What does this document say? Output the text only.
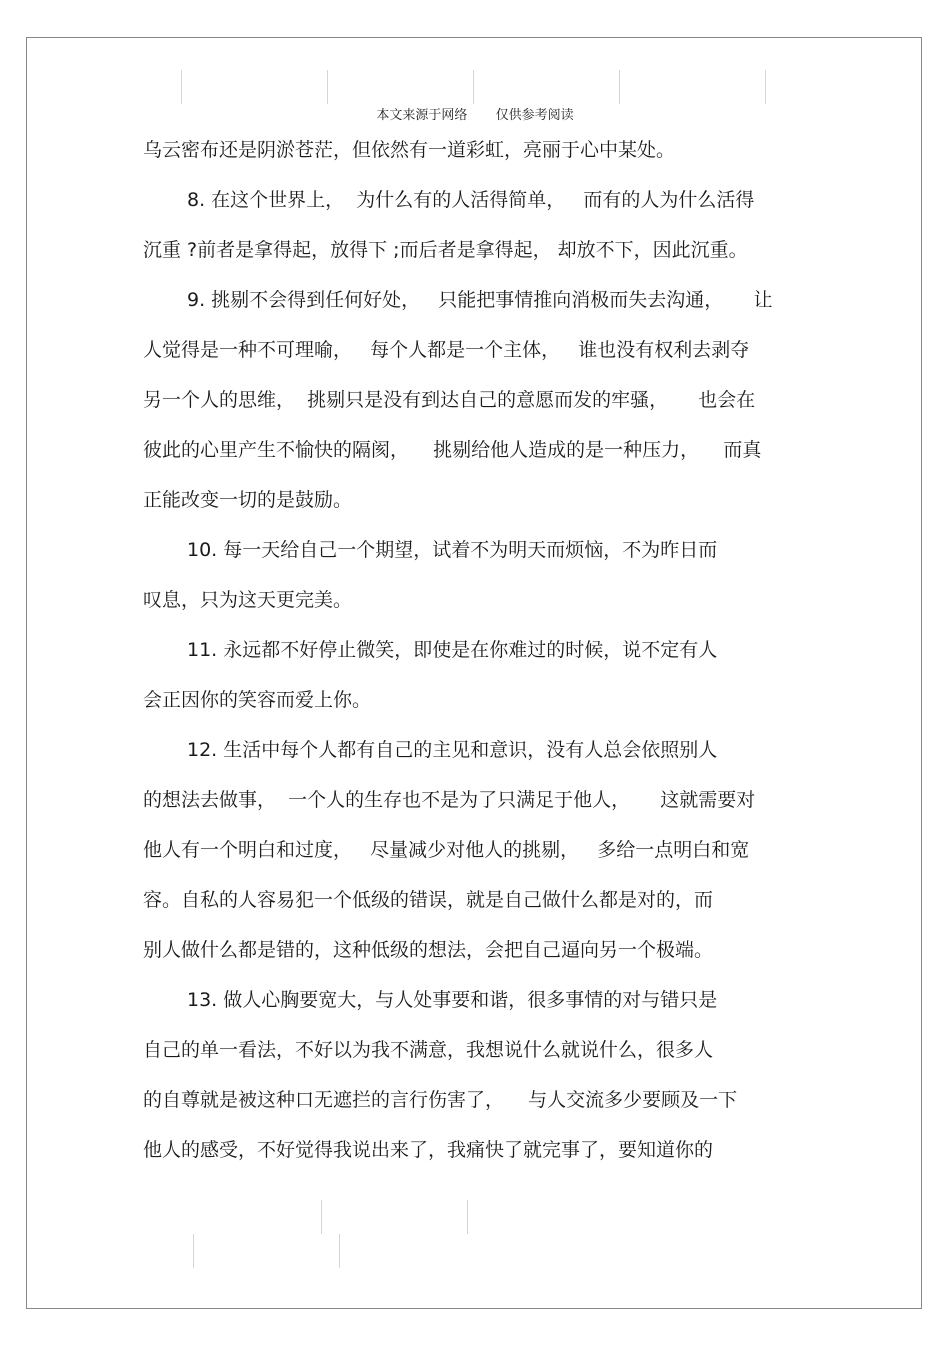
本文来源于网络 仅供参考阅读
乌云密布还是阴淤苍茫，但依然有一道彩虹，亮丽于心中某处。
8. 在这个世界上，  为什么有的人活得简单，   而有的人为什么活得
沉重 ?前者是拿得起，放得下 ;而后者是拿得起， 却放不下，因此沉重。
9. 挑剔不会得到任何好处，   只能把事情推向消极而失去沟通，     让
人觉得是一种不可理喻，   每个人都是一个主体，   谁也没有权利去剥夺
另一个人的思维，  挑剔只是没有到达自己的意愿而发的牢骚，     也会在
彼此的心里产生不愉快的隔阂，    挑剔给他人造成的是一种压力，    而真
正能改变一切的是鼓励。
10. 每一天给自己一个期望，试着不为明天而烦恼，不为昨日而
叹息，只为这天更完美。
11. 永远都不好停止微笑，即使是在你难过的时候，说不定有人
会正因你的笑容而爱上你。
12. 生活中每个人都有自己的主见和意识，没有人总会依照别人
的想法去做事，  一个人的生存也不是为了只满足于他人，     这就需要对
他人有一个明白和过度，   尽量减少对他人的挑剔，   多给一点明白和宽
容。自私的人容易犯一个低级的错误，就是自己做什么都是对的，而
别人做什么都是错的，这种低级的想法，会把自己逼向另一个极端。
13. 做人心胸要宽大，与人处事要和谐，很多事情的对与错只是
自己的单一看法，不好以为我不满意，我想说什么就说什么，很多人
的自尊就是被这种口无遮拦的言行伤害了，    与人交流多少要顾及一下
他人的感受，不好觉得我说出来了，我痛快了就完事了，要知道你的
